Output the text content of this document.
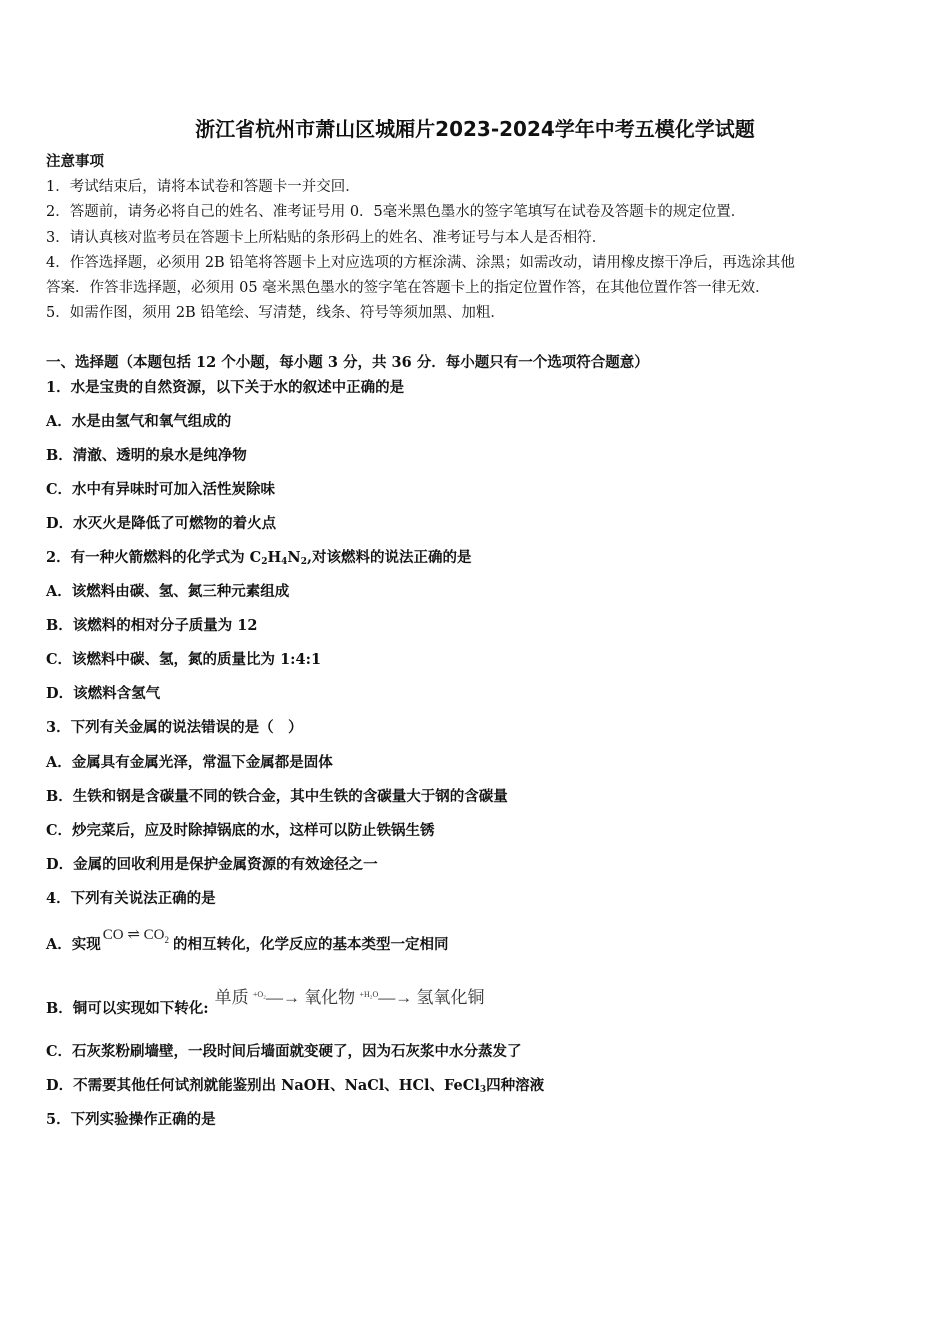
浙江省杭州市萧山区城厢片2023-2024学年中考五模化学试题
注意事项
1．考试结束后，请将本试卷和答题卡一并交回．
2．答题前，请务必将自己的姓名、准考证号用 0．5毫米黑色墨水的签字笔填写在试卷及答题卡的规定位置．
3．请认真核对监考员在答题卡上所粘贴的条形码上的姓名、准考证号与本人是否相符．
4．作答选择题，必须用 2B 铅笔将答题卡上对应选项的方框涂满、涂黑；如需改动，请用橡皮擦干净后，再选涂其他
答案．作答非选择题，必须用 05 毫米黑色墨水的签字笔在答题卡上的指定位置作答，在其他位置作答一律无效．
5．如需作图，须用 2B 铅笔绘、写清楚，线条、符号等须加黑、加粗．
一、选择题（本题包括 12 个小题，每小题 3 分，共 36 分．每小题只有一个选项符合题意）
1．水是宝贵的自然资源，以下关于水的叙述中正确的是
A．水是由氢气和氧气组成的
B．清澈、透明的泉水是纯净物
C．水中有异味时可加入活性炭除味
D．水灭火是降低了可燃物的着火点
2．有一种火箭燃料的化学式为 $C_2H_4N_2$,对该燃料的说法正确的是
A．该燃料由碳、氢、氮三种元素组成
B．该燃料的相对分子质量为 12
C．该燃料中碳、氢，氮的质量比为 1:4:1
D．该燃料含氢气
3．下列有关金属的说法错误的是（　）
A．金属具有金属光泽，常温下金属都是固体
B．生铁和钢是含碳量不同的铁合金，其中生铁的含碳量大于钢的含碳量
C．炒完菜后，应及时除掉锅底的水，这样可以防止铁锅生锈
D．金属的回收利用是保护金属资源的有效途径之一
4．下列有关说法正确的是
A．实现CO ⇌ $CO_2$ 的相互转化，化学反应的基本类型一定相同
B．铜可以实现如下转化:单质 $^{+O_2}$—→ 氧化物 $^{+H_2O}$—→ 氢氧化铜
C．石灰浆粉刷墙壁，一段时间后墙面就变硬了，因为石灰浆中水分蒸发了
D．不需要其他任何试剂就能鉴别出 NaOH、NaCl、HCl、FeCl$_3$四种溶液
5．下列实验操作正确的是
